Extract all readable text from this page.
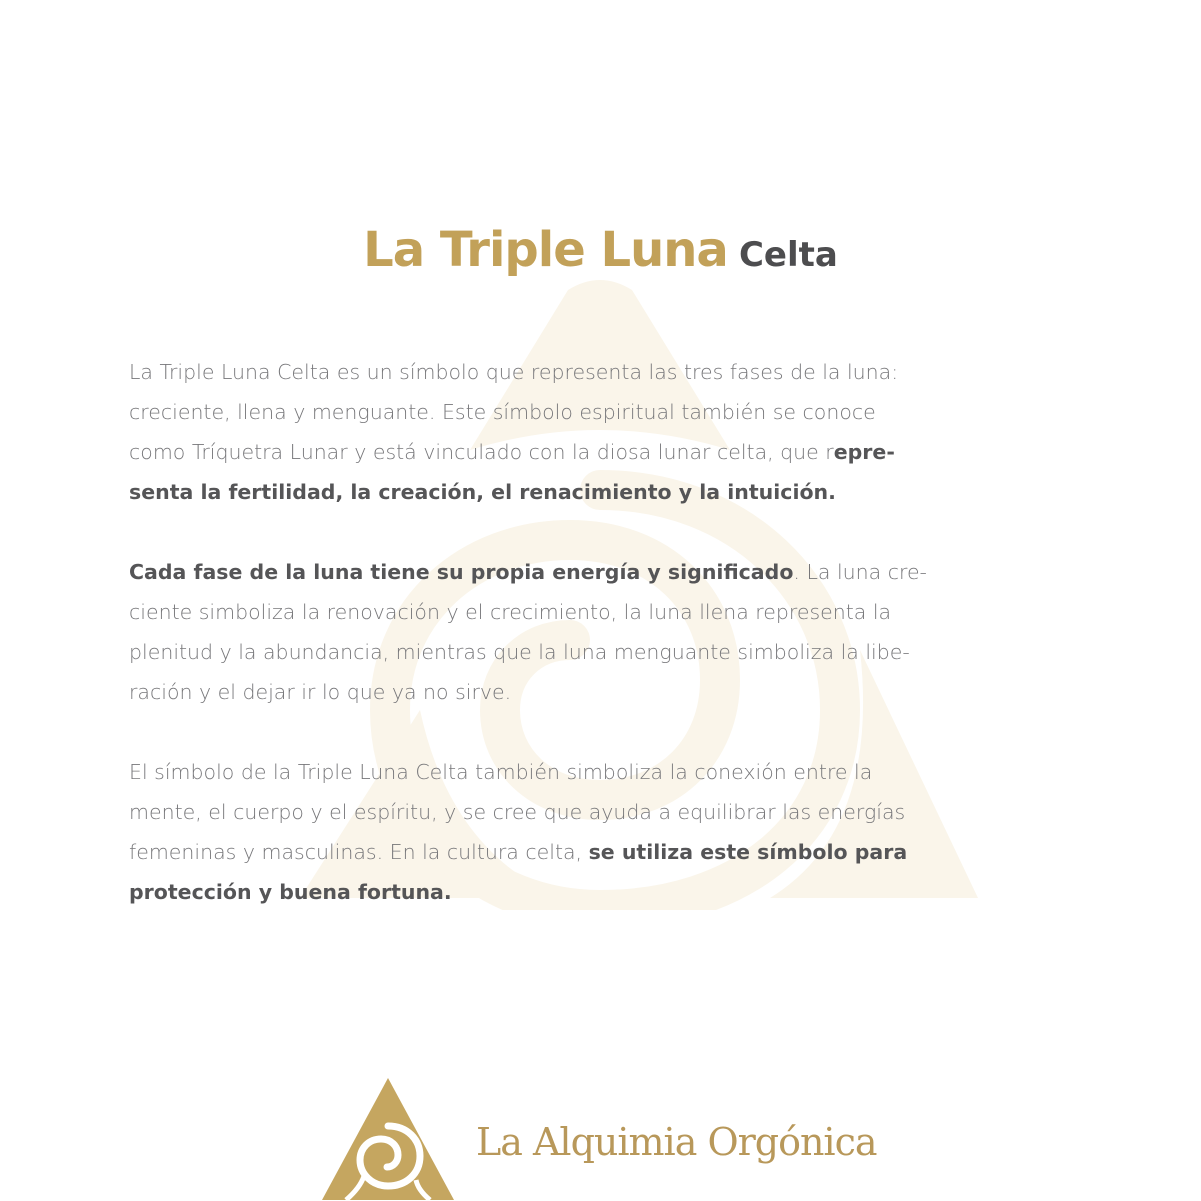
La Triple Luna Celta

La Triple Luna Celta es un símbolo que representa las tres fases de la luna:
creciente, llena y menguante. Este símbolo espiritual también se conoce
como Tríquetra Lunar y está vinculado con la diosa lunar celta, que repre-
senta la fertilidad, la creación, el renacimiento y la intuición.

Cada fase de la luna tiene su propia energía y significado. La luna cre-
ciente simboliza la renovación y el crecimiento, la luna llena representa la
plenitud y la abundancia, mientras que la luna menguante simboliza la libe-
ración y el dejar ir lo que ya no sirve.

El símbolo de la Triple Luna Celta también simboliza la conexión entre la
mente, el cuerpo y el espíritu, y se cree que ayuda a equilibrar las energías
femeninas y masculinas. En la cultura celta, se utiliza este símbolo para
protección y buena fortuna.

La Alquimia Orgónica
